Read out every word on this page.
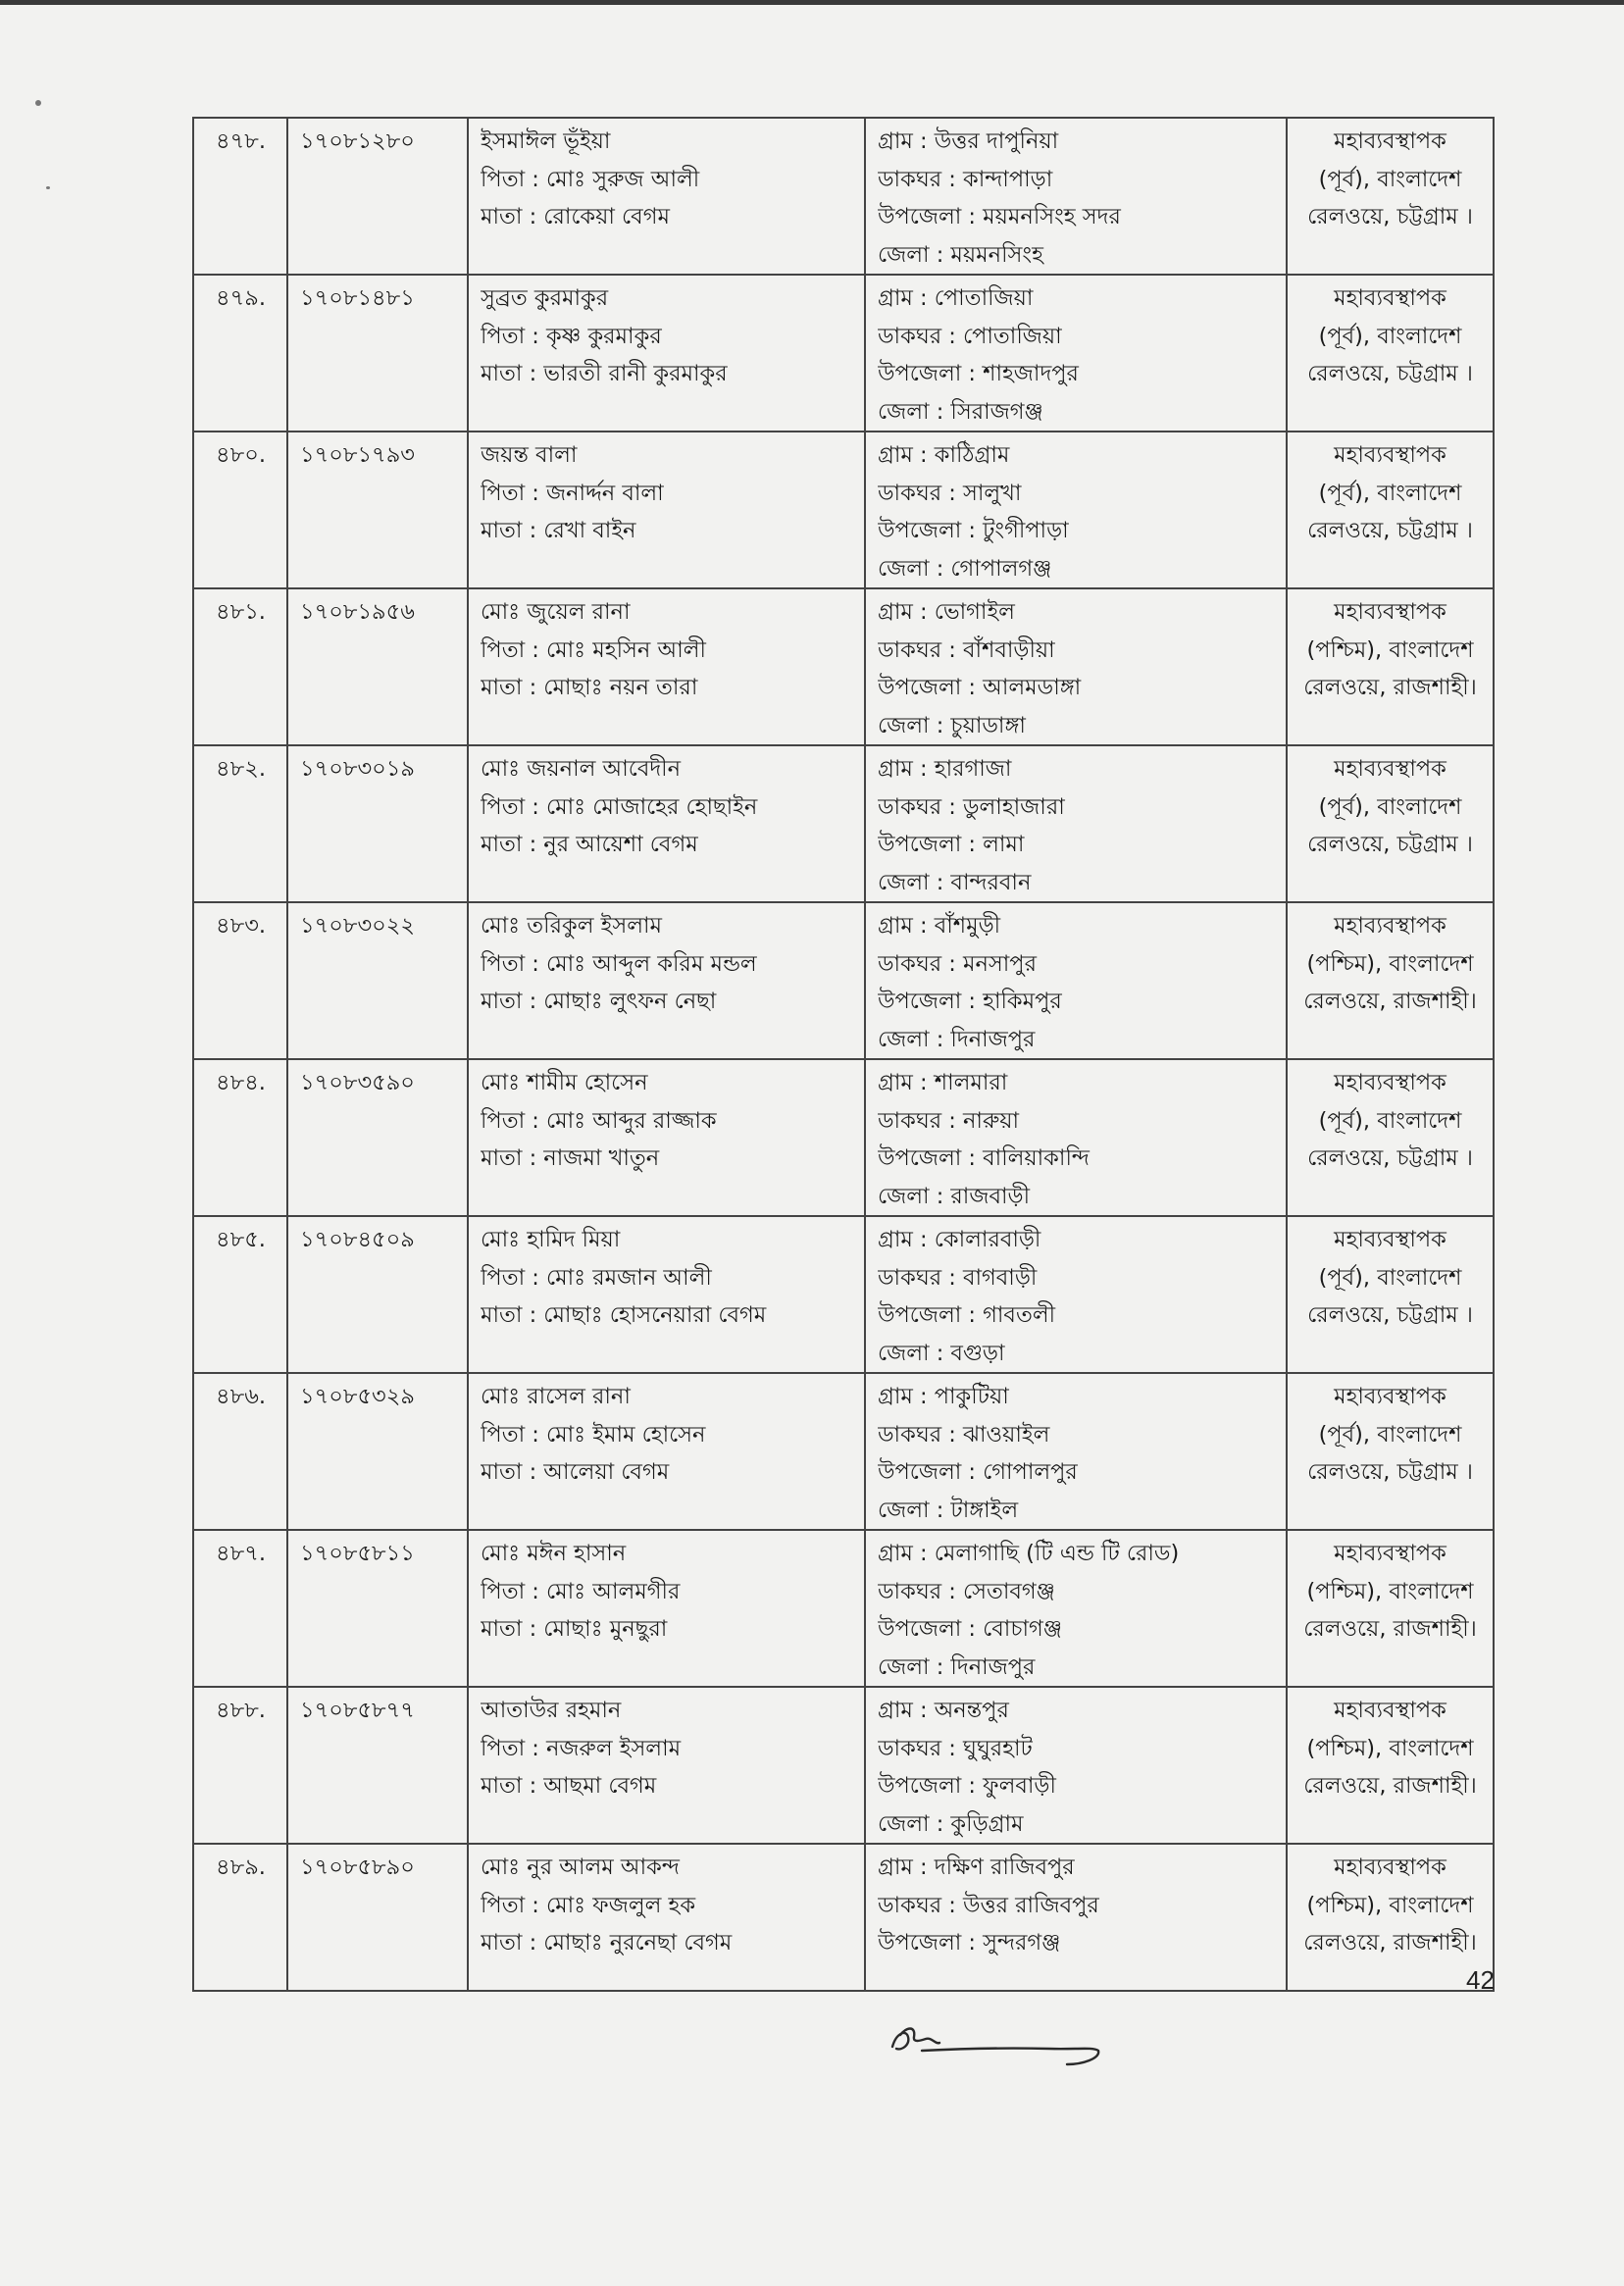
৪৭৮.	১৭০৮১২৮০	ইসমাঈল ভূঁইয়া
পিতা : মোঃ সুরুজ আলী
মাতা : রোকেয়া বেগম	গ্রাম : উত্তর দাপুনিয়া
ডাকঘর : কান্দাপাড়া
উপজেলা : ময়মনসিংহ সদর
জেলা : ময়মনসিংহ	মহাব্যবস্থাপক
(পূর্ব), বাংলাদেশ
রেলওয়ে, চট্টগ্রাম ।

৪৭৯.	১৭০৮১৪৮১	সুব্রত কুরমাকুর
পিতা : কৃষ্ণ কুরমাকুর
মাতা : ভারতী রানী কুরমাকুর	গ্রাম : পোতাজিয়া
ডাকঘর : পোতাজিয়া
উপজেলা : শাহজাদপুর
জেলা : সিরাজগঞ্জ	মহাব্যবস্থাপক
(পূর্ব), বাংলাদেশ
রেলওয়ে, চট্টগ্রাম ।

৪৮০.	১৭০৮১৭৯৩	জয়ন্ত বালা
পিতা : জনার্দ্দন বালা
মাতা : রেখা বাইন	গ্রাম : কাঠিগ্রাম
ডাকঘর : সালুখা
উপজেলা : টুংগীপাড়া
জেলা : গোপালগঞ্জ	মহাব্যবস্থাপক
(পূর্ব), বাংলাদেশ
রেলওয়ে, চট্টগ্রাম ।

৪৮১.	১৭০৮১৯৫৬	মোঃ জুয়েল রানা
পিতা : মোঃ মহসিন আলী
মাতা : মোছাঃ নয়ন তারা	গ্রাম : ভোগাইল
ডাকঘর : বাঁশবাড়ীয়া
উপজেলা : আলমডাঙ্গা
জেলা : চুয়াডাঙ্গা	মহাব্যবস্থাপক
(পশ্চিম), বাংলাদেশ
রেলওয়ে, রাজশাহী।

৪৮২.	১৭০৮৩০১৯	মোঃ জয়নাল আবেদীন
পিতা : মোঃ মোজাহের হোছাইন
মাতা : নুর আয়েশা বেগম	গ্রাম : হারগাজা
ডাকঘর : ডুলাহাজারা
উপজেলা : লামা
জেলা : বান্দরবান	মহাব্যবস্থাপক
(পূর্ব), বাংলাদেশ
রেলওয়ে, চট্টগ্রাম ।

৪৮৩.	১৭০৮৩০২২	মোঃ তরিকুল ইসলাম
পিতা : মোঃ আব্দুল করিম মন্ডল
মাতা : মোছাঃ লুৎফন নেছা	গ্রাম : বাঁশমুড়ী
ডাকঘর : মনসাপুর
উপজেলা : হাকিমপুর
জেলা : দিনাজপুর	মহাব্যবস্থাপক
(পশ্চিম), বাংলাদেশ
রেলওয়ে, রাজশাহী।

৪৮৪.	১৭০৮৩৫৯০	মোঃ শামীম হোসেন
পিতা : মোঃ আব্দুর রাজ্জাক
মাতা : নাজমা খাতুন	গ্রাম : শালমারা
ডাকঘর : নারুয়া
উপজেলা : বালিয়াকান্দি
জেলা : রাজবাড়ী	মহাব্যবস্থাপক
(পূর্ব), বাংলাদেশ
রেলওয়ে, চট্টগ্রাম ।

৪৮৫.	১৭০৮৪৫০৯	মোঃ হামিদ মিয়া
পিতা : মোঃ রমজান আলী
মাতা : মোছাঃ হোসনেয়ারা বেগম	গ্রাম : কোলারবাড়ী
ডাকঘর : বাগবাড়ী
উপজেলা : গাবতলী
জেলা : বগুড়া	মহাব্যবস্থাপক
(পূর্ব), বাংলাদেশ
রেলওয়ে, চট্টগ্রাম ।

৪৮৬.	১৭০৮৫৩২৯	মোঃ রাসেল রানা
পিতা : মোঃ ইমাম হোসেন
মাতা : আলেয়া বেগম	গ্রাম : পাকুটিয়া
ডাকঘর : ঝাওয়াইল
উপজেলা : গোপালপুর
জেলা : টাঙ্গাইল	মহাব্যবস্থাপক
(পূর্ব), বাংলাদেশ
রেলওয়ে, চট্টগ্রাম ।

৪৮৭.	১৭০৮৫৮১১	মোঃ মঈন হাসান
পিতা : মোঃ আলমগীর
মাতা : মোছাঃ মুনছুরা	গ্রাম : মেলাগাছি (টি এন্ড টি রোড)
ডাকঘর : সেতাবগঞ্জ
উপজেলা : বোচাগঞ্জ
জেলা : দিনাজপুর	মহাব্যবস্থাপক
(পশ্চিম), বাংলাদেশ
রেলওয়ে, রাজশাহী।

৪৮৮.	১৭০৮৫৮৭৭	আতাউর রহমান
পিতা : নজরুল ইসলাম
মাতা : আছমা বেগম	গ্রাম : অনন্তপুর
ডাকঘর : ঘুঘুরহাট
উপজেলা : ফুলবাড়ী
জেলা : কুড়িগ্রাম	মহাব্যবস্থাপক
(পশ্চিম), বাংলাদেশ
রেলওয়ে, রাজশাহী।

৪৮৯.	১৭০৮৫৮৯০	মোঃ নুর আলম আকন্দ
পিতা : মোঃ ফজলুল হক
মাতা : মোছাঃ নুরনেছা বেগম	গ্রাম : দক্ষিণ রাজিবপুর
ডাকঘর : উত্তর রাজিবপুর
উপজেলা : সুন্দরগঞ্জ	মহাব্যবস্থাপক
(পশ্চিম), বাংলাদেশ
রেলওয়ে, রাজশাহী।
42
